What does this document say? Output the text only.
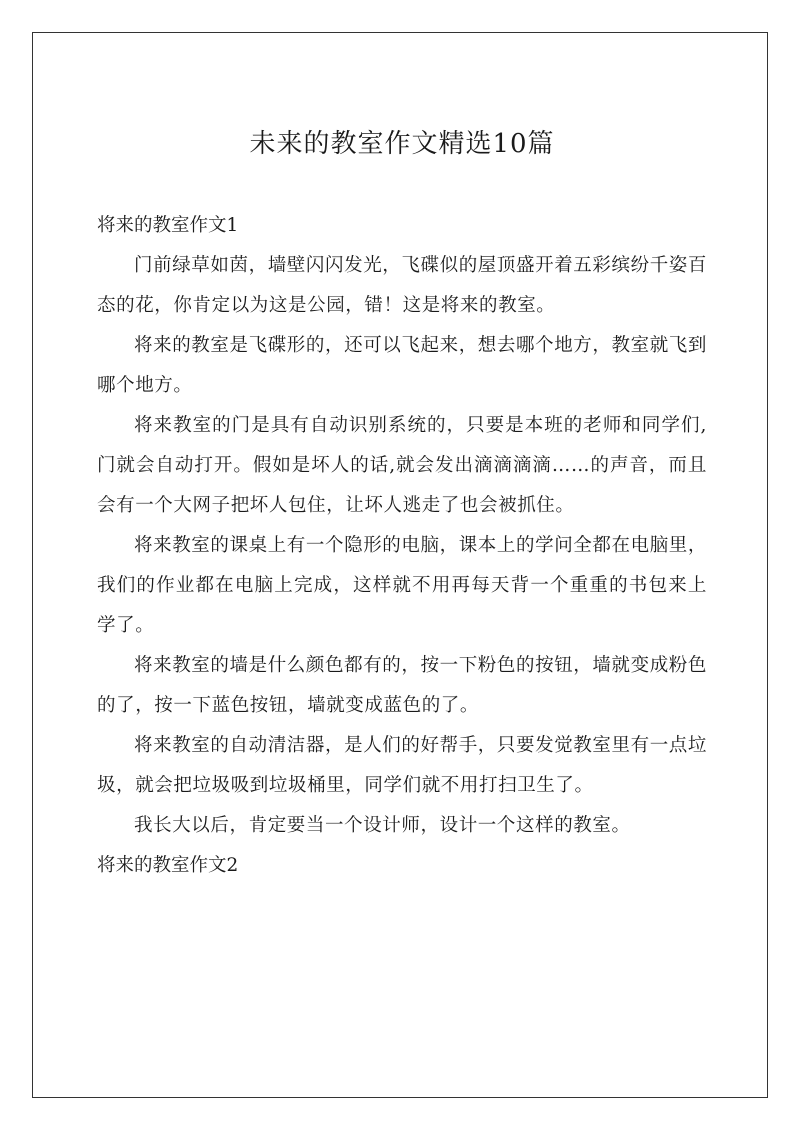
未来的教室作文精选10篇

将来的教室作文1

门前绿草如茵，墙壁闪闪发光，飞碟似的屋顶盛开着五彩缤纷千姿百态的花，你肯定以为这是公园，错！这是将来的教室。

将来的教室是飞碟形的，还可以飞起来，想去哪个地方，教室就飞到哪个地方。

将来教室的门是具有自动识别系统的，只要是本班的老师和同学们,门就会自动打开。假如是坏人的话,就会发出滴滴滴滴……的声音，而且会有一个大网子把坏人包住，让坏人逃走了也会被抓住。

将来教室的课桌上有一个隐形的电脑，课本上的学问全都在电脑里，我们的作业都在电脑上完成，这样就不用再每天背一个重重的书包来上学了。

将来教室的墙是什么颜色都有的，按一下粉色的按钮，墙就变成粉色的了，按一下蓝色按钮，墙就变成蓝色的了。

将来教室的自动清洁器，是人们的好帮手，只要发觉教室里有一点垃圾，就会把垃圾吸到垃圾桶里，同学们就不用打扫卫生了。

我长大以后，肯定要当一个设计师，设计一个这样的教室。

将来的教室作文2
